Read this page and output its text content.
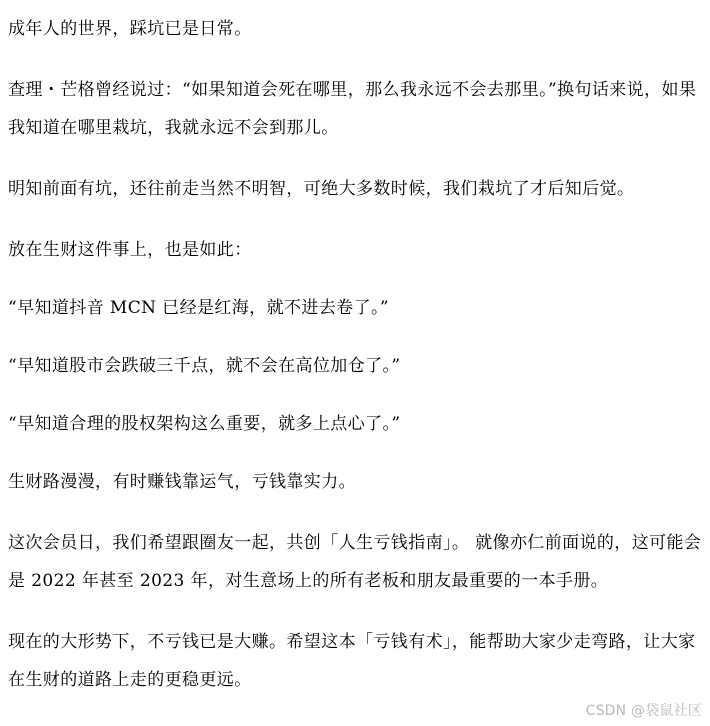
成年人的世界，踩坑已是日常。

查理・芒格曾经说过：“如果知道会死在哪里，那么我永远不会去那里。”换句话来说，如果我知道在哪里栽坑，我就永远不会到那儿。

明知前面有坑，还往前走当然不明智，可绝大多数时候，我们栽坑了才后知后觉。

放在生财这件事上，也是如此：

“早知道抖音 MCN 已经是红海，就不进去卷了。”

“早知道股市会跌破三千点，就不会在高位加仓了。”

“早知道合理的股权架构这么重要，就多上点心了。”

生财路漫漫，有时赚钱靠运气，亏钱靠实力。

这次会员日，我们希望跟圈友一起，共创「人生亏钱指南」。 就像亦仁前面说的，这可能会是 2022 年甚至 2023 年，对生意场上的所有老板和朋友最重要的一本手册。

现在的大形势下，不亏钱已是大赚。希望这本「亏钱有术」，能帮助大家少走弯路，让大家在生财的道路上走的更稳更远。

CSDN @袋鼠社区
